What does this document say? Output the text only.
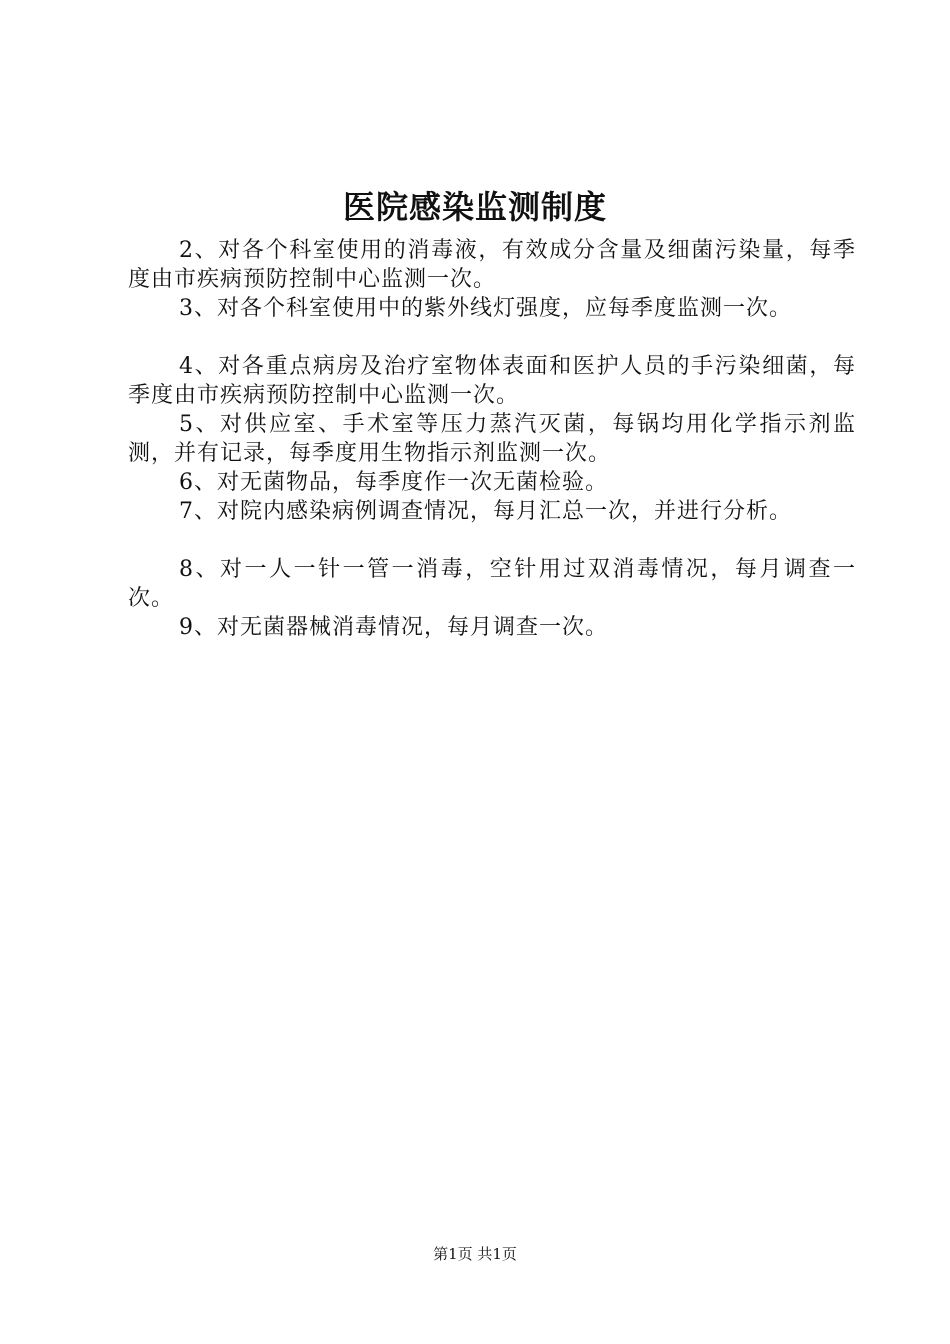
医院感染监测制度

2、对各个科室使用的消毒液，有效成分含量及细菌污染量，每季度由市疾病预防控制中心监测一次。

3、对各个科室使用中的紫外线灯强度，应每季度监测一次。

4、对各重点病房及治疗室物体表面和医护人员的手污染细菌，每季度由市疾病预防控制中心监测一次。

5、对供应室、手术室等压力蒸汽灭菌，每锅均用化学指示剂监测，并有记录，每季度用生物指示剂监测一次。

6、对无菌物品，每季度作一次无菌检验。

7、对院内感染病例调查情况，每月汇总一次，并进行分析。

8、对一人一针一管一消毒，空针用过双消毒情况，每月调查一次。

9、对无菌器械消毒情况，每月调查一次。

第1页 共1页
